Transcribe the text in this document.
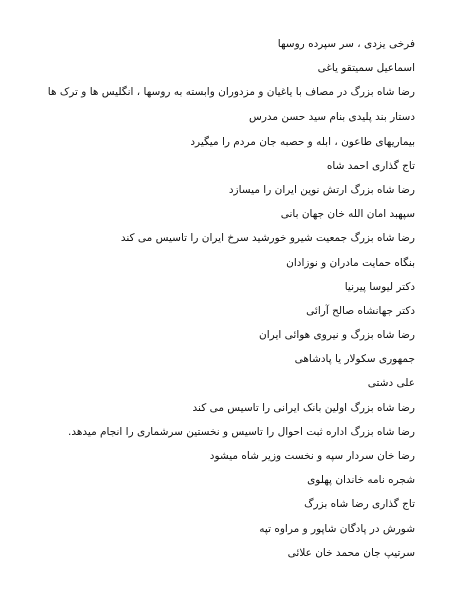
فرخی یزدی ، سر سپرده روسها
اسماعیل سمیتقو یاغی
رضا شاه بزرگ در مصاف با یاغیان و مزدوران وابسته به روسها ، انگلیس ها و ترک ها
دستار بند پلیدی بنام سید حسن مدرس
بیماریهای طاعون ، ابله و حصبه جان مردم را میگیرد
تاج گذاری احمد شاه
رضا شاه بزرگ ارتش نوین ایران را میسازد
سپهبد امان الله خان جهان بانی
رضا شاه بزرگ جمعیت شیرو خورشید سرخ ایران را تاسیس می کند
بنگاه حمایت مادران و نوزادان
دکتر لیوسا پیرنیا
دکتر جهانشاه صالح آرائی
رضا شاه بزرگ و نیروی هوائی ایران
جمهوری سکولار یا پادشاهی
علی دشتی
رضا شاه بزرگ اولین بانک ایرانی را تاسیس می کند
رضا شاه بزرگ اداره ثبت احوال را تاسیس و نخستین سرشماری را انجام میدهد.
رضا خان سردار سپه و نخست وزیر شاه میشود
شجره نامه خاندان پهلوی
تاج گذاری رضا شاه بزرگ
شورش در پادگان شاپور و مراوه تپه
سرتیپ جان محمد خان علائی
